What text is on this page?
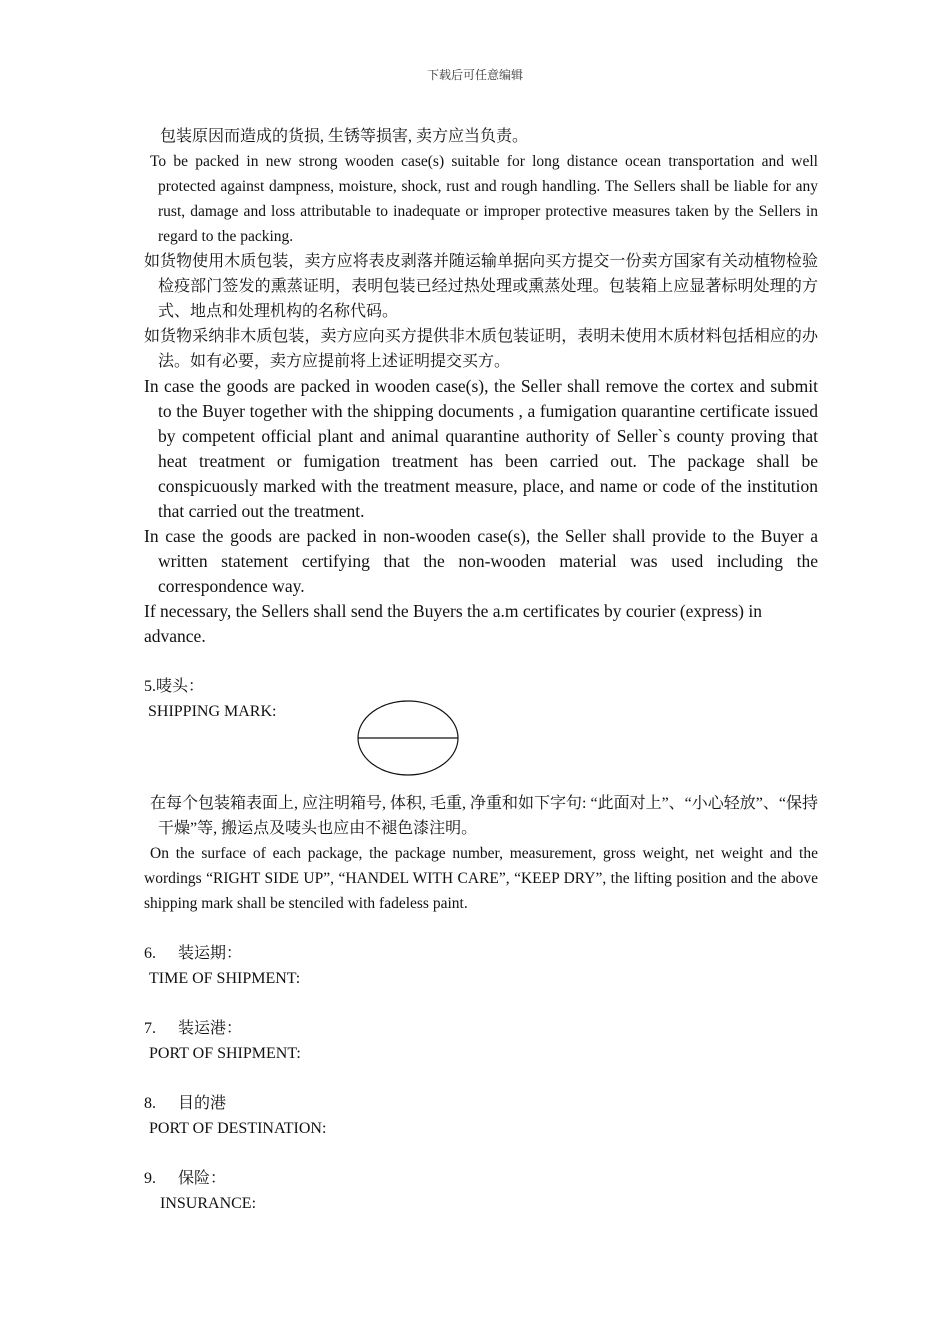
下载后可任意编辑

包装原因而造成的货损, 生锈等损害, 卖方应当负责。

To be packed in new strong wooden case(s) suitable for long distance ocean transportation and well protected against dampness, moisture, shock, rust and rough handling. The Sellers shall be liable for any rust, damage and loss attributable to inadequate or improper protective measures taken by the Sellers in regard to the packing.

如货物使用木质包装，卖方应将表皮剥落并随运输单据向买方提交一份卖方国家有关动植物检验检疫部门签发的熏蒸证明，表明包装已经过热处理或熏蒸处理。包装箱上应显著标明处理的方式、地点和处理机构的名称代码。

如货物采纳非木质包装，卖方应向买方提供非木质包装证明，表明未使用木质材料包括相应的办法。如有必要，卖方应提前将上述证明提交买方。

In case the goods are packed in wooden case(s), the Seller shall remove the cortex and submit to the Buyer together with the shipping documents , a fumigation quarantine certificate issued by competent official plant and animal quarantine authority of Seller`s county proving that heat treatment or fumigation treatment has been carried out. The package shall be conspicuously marked with the treatment measure, place, and name or code of the institution that carried out the treatment.

In case the goods are packed in non-wooden case(s), the Seller shall provide to the Buyer a written statement certifying that the non-wooden material was used including the correspondence way.

If necessary, the Sellers shall send the Buyers the a.m certificates by courier (express) in advance.

5.唛头：

SHIPPING MARK:

在每个包装箱表面上, 应注明箱号, 体积, 毛重, 净重和如下字句: “此面对上”、“小心轻放”、“保持干燥”等, 搬运点及唛头也应由不褪色漆注明。

On the surface of each package, the package number, measurement, gross weight, net weight and the wordings “RIGHT SIDE UP”, “HANDEL WITH CARE”, “KEEP DRY”, the lifting position and the above shipping mark shall be stenciled with fadeless paint.

6. 装运期：

TIME OF SHIPMENT:

7. 装运港：

PORT OF SHIPMENT:

8. 目的港

PORT OF DESTINATION:

9. 保险：

INSURANCE:
